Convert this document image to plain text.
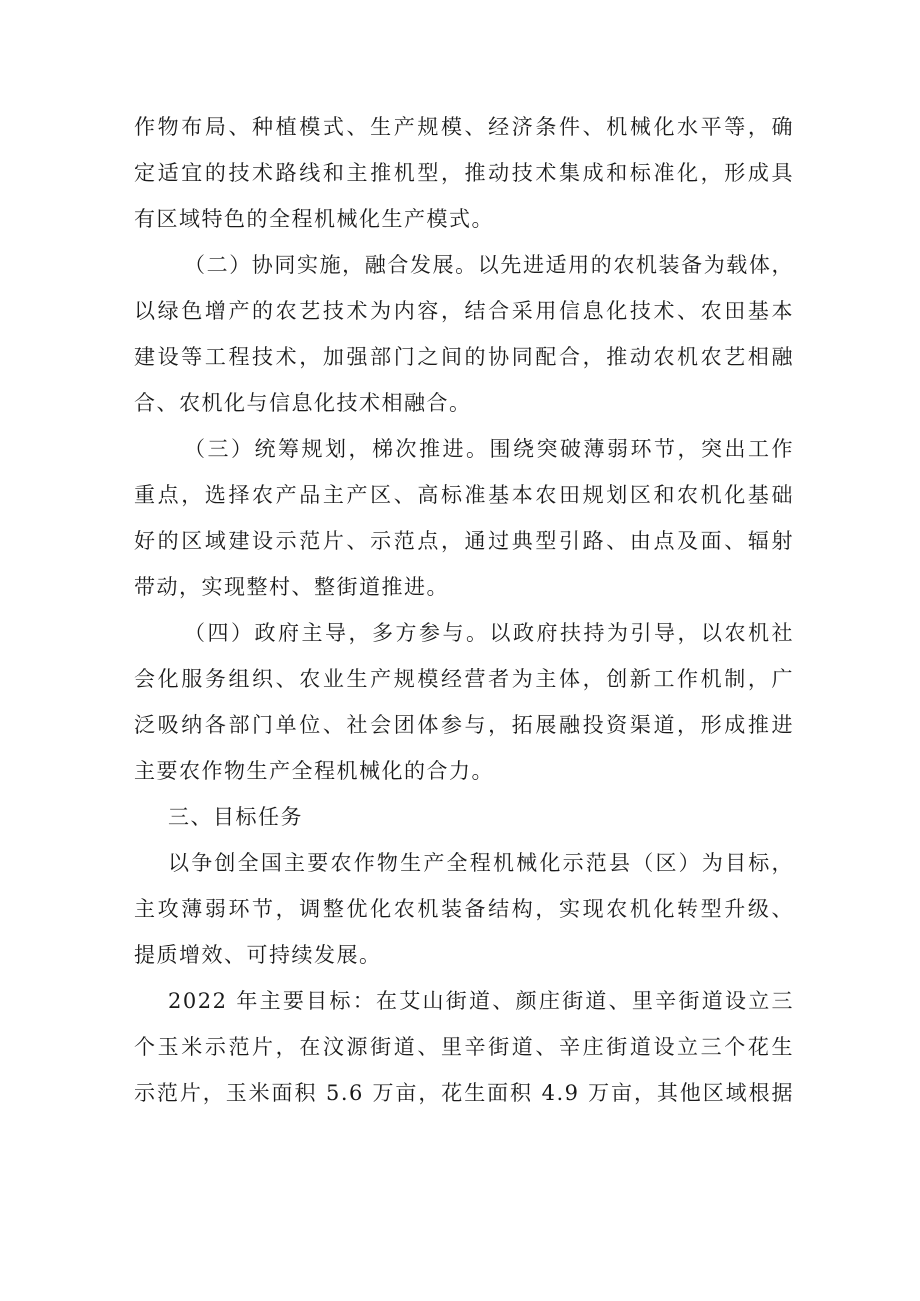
作物布局、种植模式、生产规模、经济条件、机械化水平等，确
定适宜的技术路线和主推机型，推动技术集成和标准化，形成具
有区域特色的全程机械化生产模式。
（二）协同实施，融合发展。以先进适用的农机装备为载体，
以绿色增产的农艺技术为内容，结合采用信息化技术、农田基本
建设等工程技术，加强部门之间的协同配合，推动农机农艺相融
合、农机化与信息化技术相融合。
（三）统筹规划，梯次推进。围绕突破薄弱环节，突出工作
重点，选择农产品主产区、高标准基本农田规划区和农机化基础
好的区域建设示范片、示范点，通过典型引路、由点及面、辐射
带动，实现整村、整街道推进。
（四）政府主导，多方参与。以政府扶持为引导，以农机社
会化服务组织、农业生产规模经营者为主体，创新工作机制，广
泛吸纳各部门单位、社会团体参与，拓展融投资渠道，形成推进
主要农作物生产全程机械化的合力。
三、目标任务
以争创全国主要农作物生产全程机械化示范县（区）为目标，
主攻薄弱环节，调整优化农机装备结构，实现农机化转型升级、
提质增效、可持续发展。
2022 年主要目标：在艾山街道、颜庄街道、里辛街道设立三
个玉米示范片，在汶源街道、里辛街道、辛庄街道设立三个花生
示范片，玉米面积 5.6 万亩，花生面积 4.9 万亩，其他区域根据
